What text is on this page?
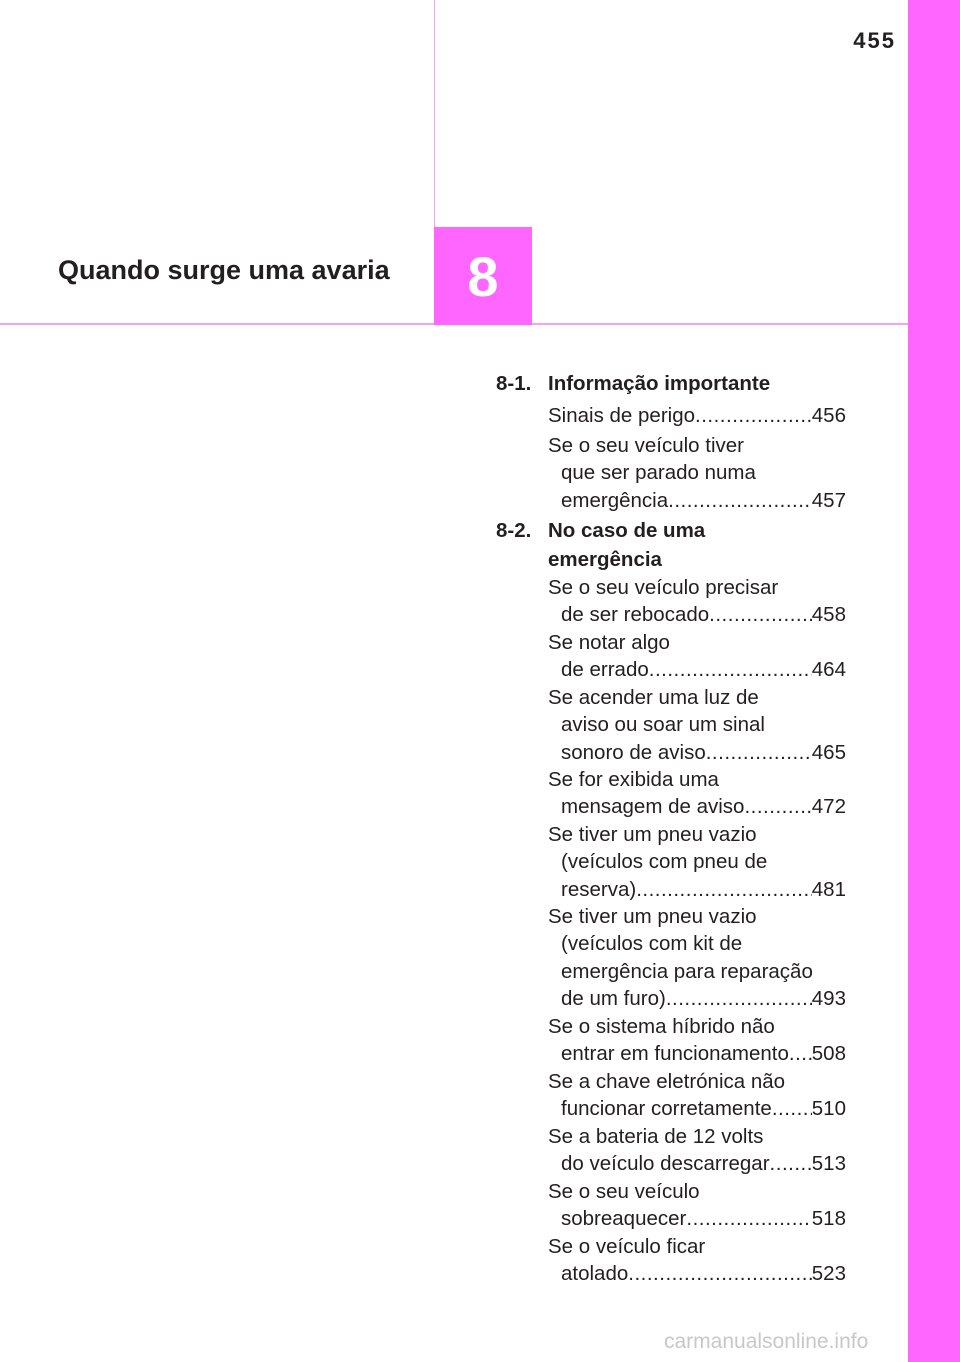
455
Quando surge uma avaria 8
8-1. Informação importante
Sinais de perigo .....	456
Se o seu veículo tiver
que ser parado numa
emergência .....	457
8-2. No caso de uma
emergência
Se o seu veículo precisar
de ser rebocado .....	458
Se notar algo
de errado .....	464
Se acender uma luz de
aviso ou soar um sinal
sonoro de aviso .....	465
Se for exibida uma
mensagem de aviso .....	472
Se tiver um pneu vazio
(veículos com pneu de
reserva) .....	481
Se tiver um pneu vazio
(veículos com kit de
emergência para reparação
de um furo) .....	493
Se o sistema híbrido não
entrar em funcionamento ..... 508
Se a chave eletrónica não
funcionar corretamente ..... 510
Se a bateria de 12 volts
do veículo descarregar ..... 513
Se o seu veículo
sobreaquecer .....	518
Se o veículo ficar
atolado .....	523
carmanualsonline.info
